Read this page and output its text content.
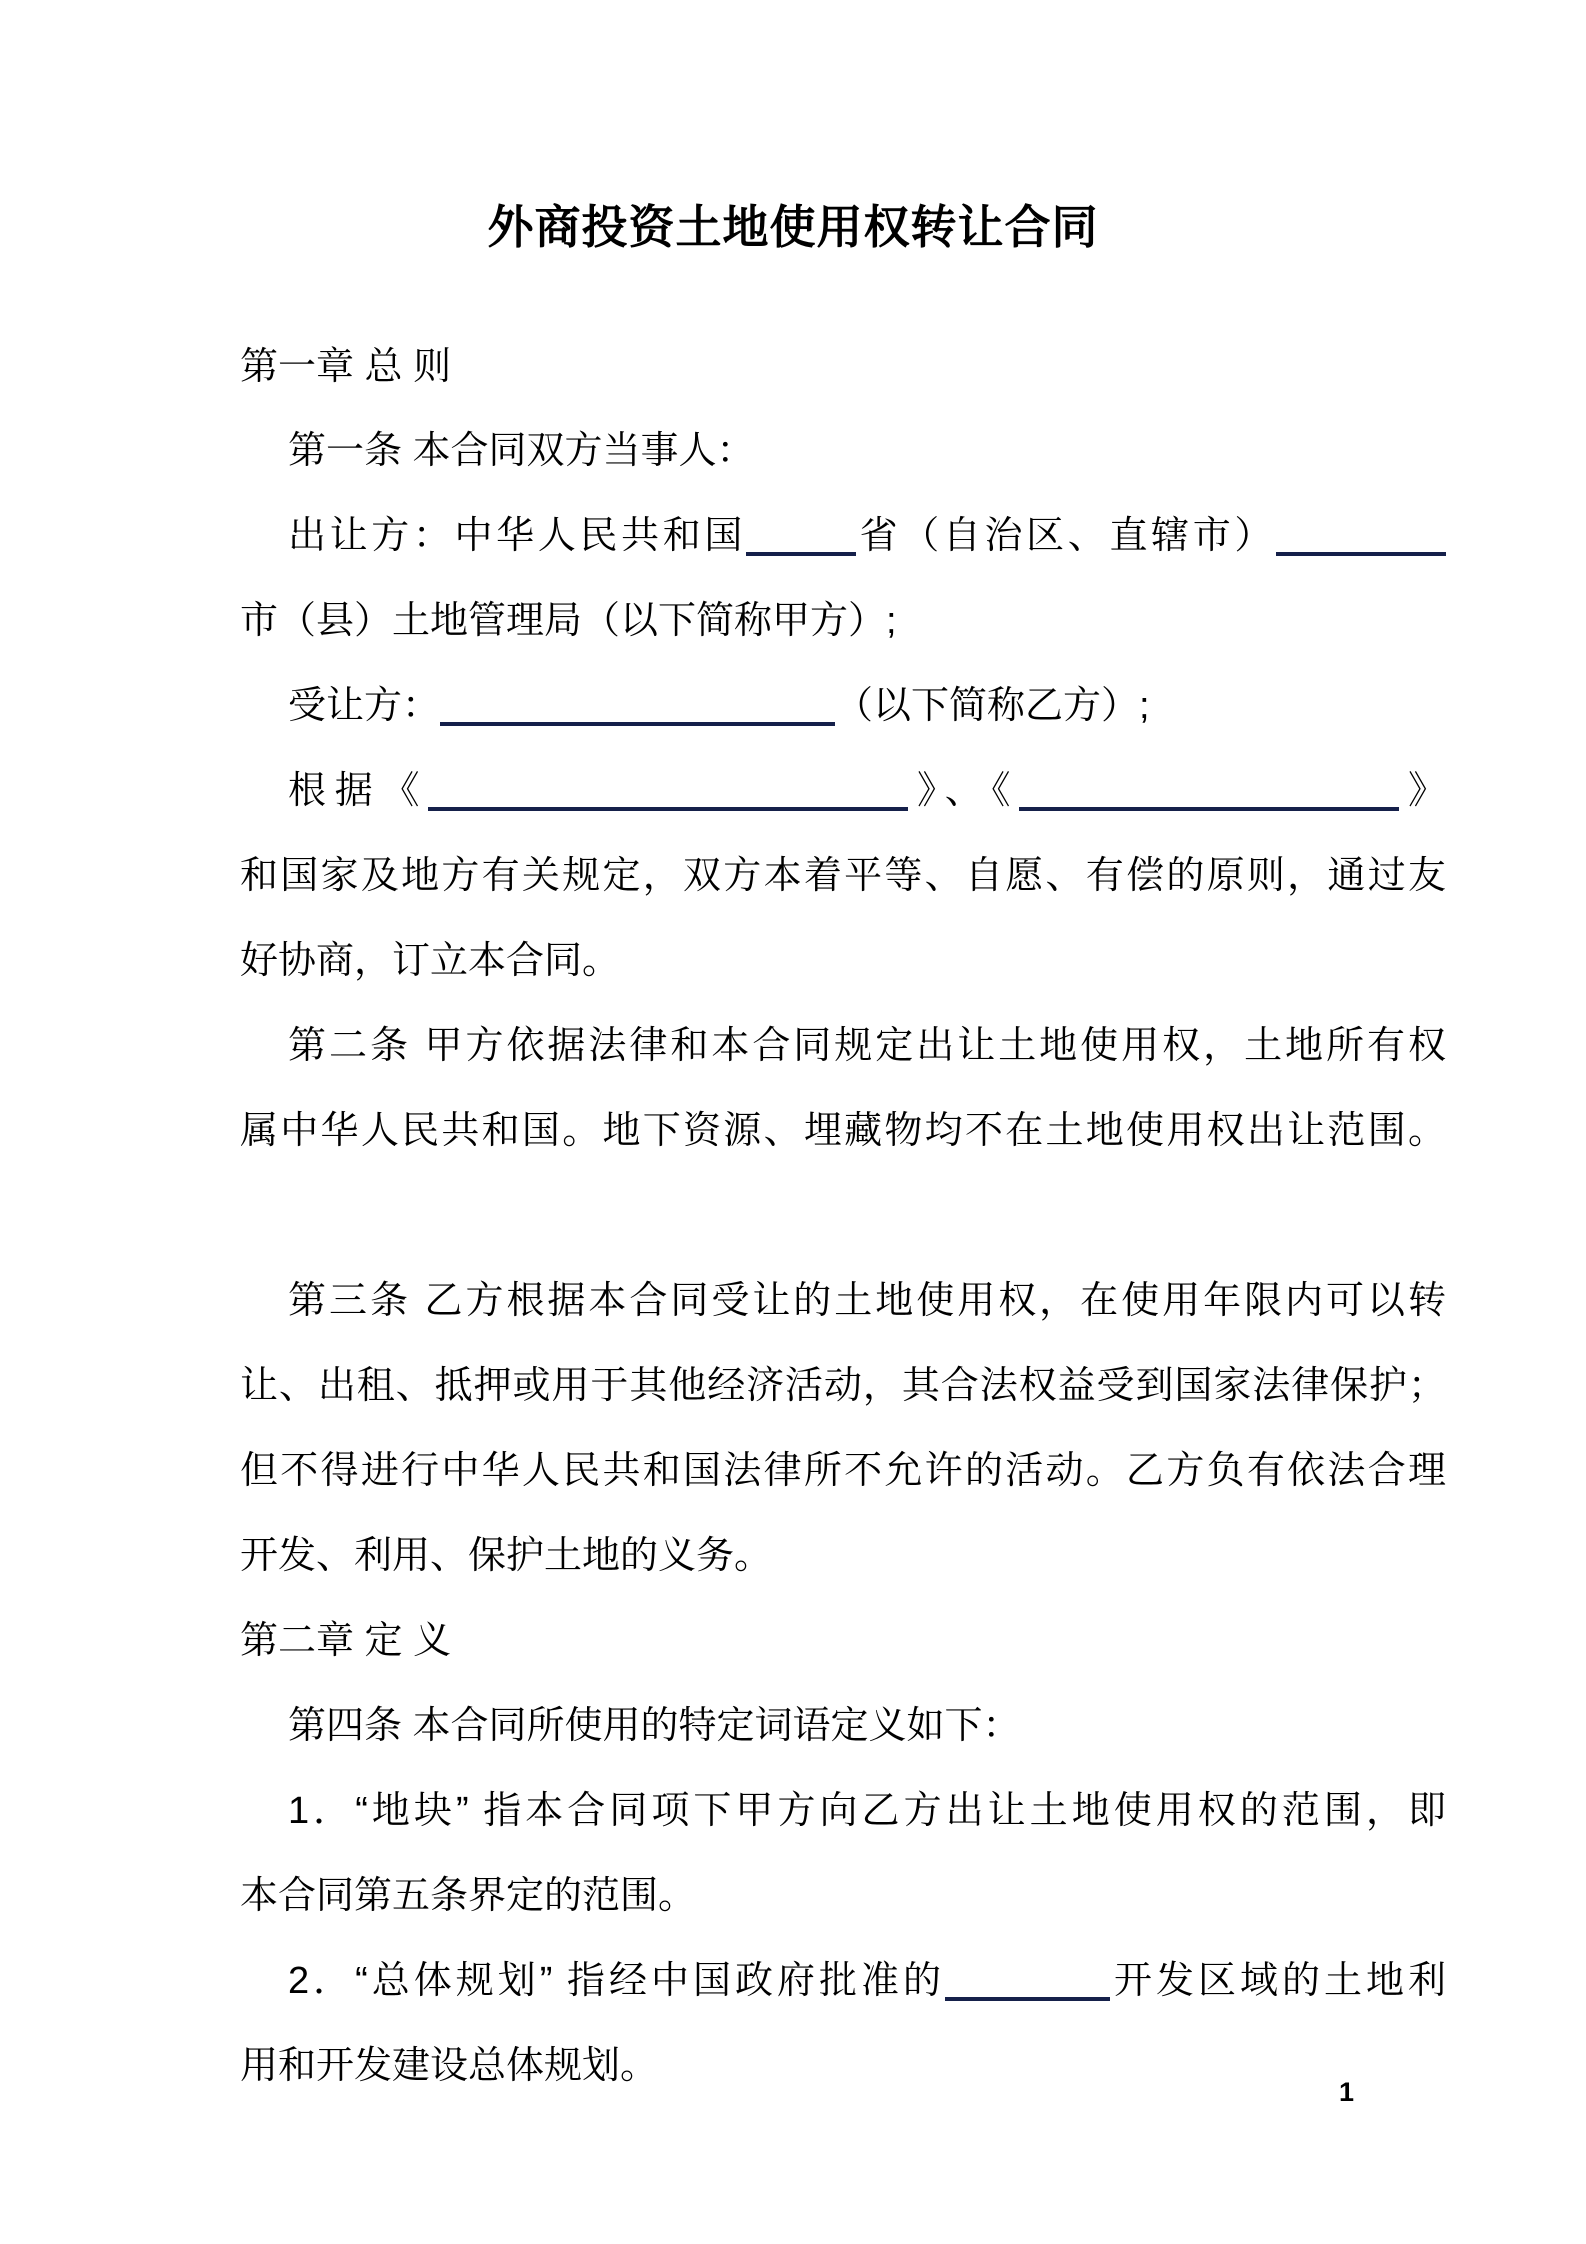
外商投资土地使用权转让合同
第一章 总 则
第一条 本合同双方当事人：
出让方：中华人民共和国	省（自治区、直辖市）
市（县）土地管理局（以下简称甲方）;
受让方：	（以下简称乙方）;
根据《	》、《	》
和国家及地方有关规定，双方本着平等、自愿、有偿的原则，通过友
好协商，订立本合同。
第二条 甲方依据法律和本合同规定出让土地使用权，土地所有权
属中华人民共和国。地下资源、埋藏物均不在土地使用权出让范围。
第三条 乙方根据本合同受让的土地使用权，在使用年限内可以转
让、出租、抵押或用于其他经济活动，其合法权益受到国家法律保护；
但不得进行中华人民共和国法律所不允许的活动。乙方负有依法合理
开发、利用、保护土地的义务。
第二章 定 义
第四条 本合同所使用的特定词语定义如下：
1．“地块” 指本合同项下甲方向乙方出让土地使用权的范围，即
本合同第五条界定的范围。
2．“总体规划” 指经中国政府批准的	开发区域的土地利
用和开发建设总体规划。
1
